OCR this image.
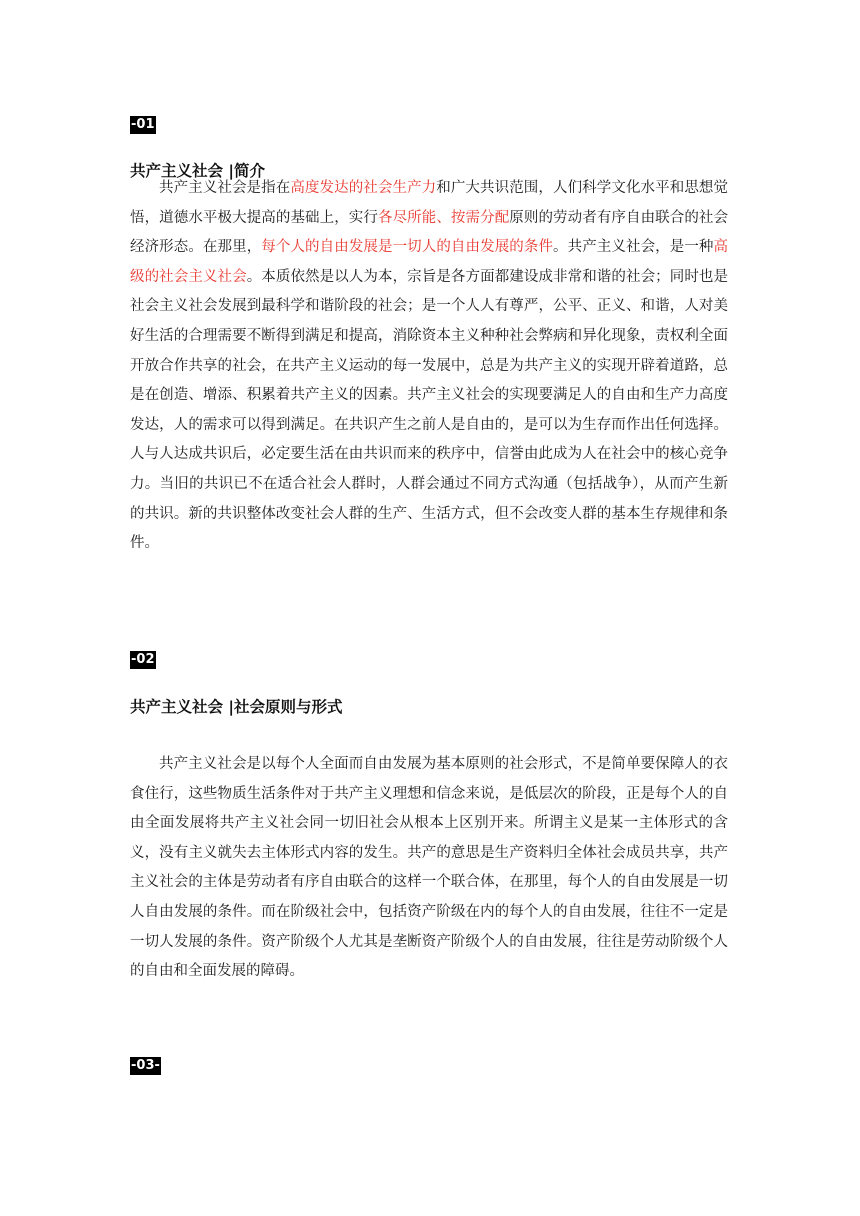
-01
共产主义社会 |简介

共产主义社会是指在高度发达的社会生产力和广大共识范围，人们科学文化水平和思想觉悟，道德水平极大提高的基础上，实行各尽所能、按需分配原则的劳动者有序自由联合的社会经济形态。在那里，每个人的自由发展是一切人的自由发展的条件。共产主义社会，是一种高级的社会主义社会。本质依然是以人为本，宗旨是各方面都建设成非常和谐的社会；同时也是社会主义社会发展到最科学和谐阶段的社会；是一个人人有尊严，公平、正义、和谐，人对美好生活的合理需要不断得到满足和提高，消除资本主义种种社会弊病和异化现象，责权利全面开放合作共享的社会，在共产主义运动的每一发展中，总是为共产主义的实现开辟着道路，总是在创造、增添、积累着共产主义的因素。共产主义社会的实现要满足人的自由和生产力高度发达，人的需求可以得到满足。在共识产生之前人是自由的，是可以为生存而作出任何选择。人与人达成共识后，必定要生活在由共识而来的秩序中，信誉由此成为人在社会中的核心竞争力。当旧的共识已不在适合社会人群时，人群会通过不同方式沟通（包括战争），从而产生新的共识。新的共识整体改变社会人群的生产、生活方式，但不会改变人群的基本生存规律和条件。

-02
共产主义社会 |社会原则与形式

共产主义社会是以每个人全面而自由发展为基本原则的社会形式，不是简单要保障人的衣食住行，这些物质生活条件对于共产主义理想和信念来说，是低层次的阶段，正是每个人的自由全面发展将共产主义社会同一切旧社会从根本上区别开来。所谓主义是某一主体形式的含义，没有主义就失去主体形式内容的发生。共产的意思是生产资料归全体社会成员共享，共产主义社会的主体是劳动者有序自由联合的这样一个联合体，在那里，每个人的自由发展是一切人自由发展的条件。而在阶级社会中，包括资产阶级在内的每个人的自由发展，往往不一定是一切人发展的条件。资产阶级个人尤其是垄断资产阶级个人的自由发展，往往是劳动阶级个人的自由和全面发展的障碍。

-03-
